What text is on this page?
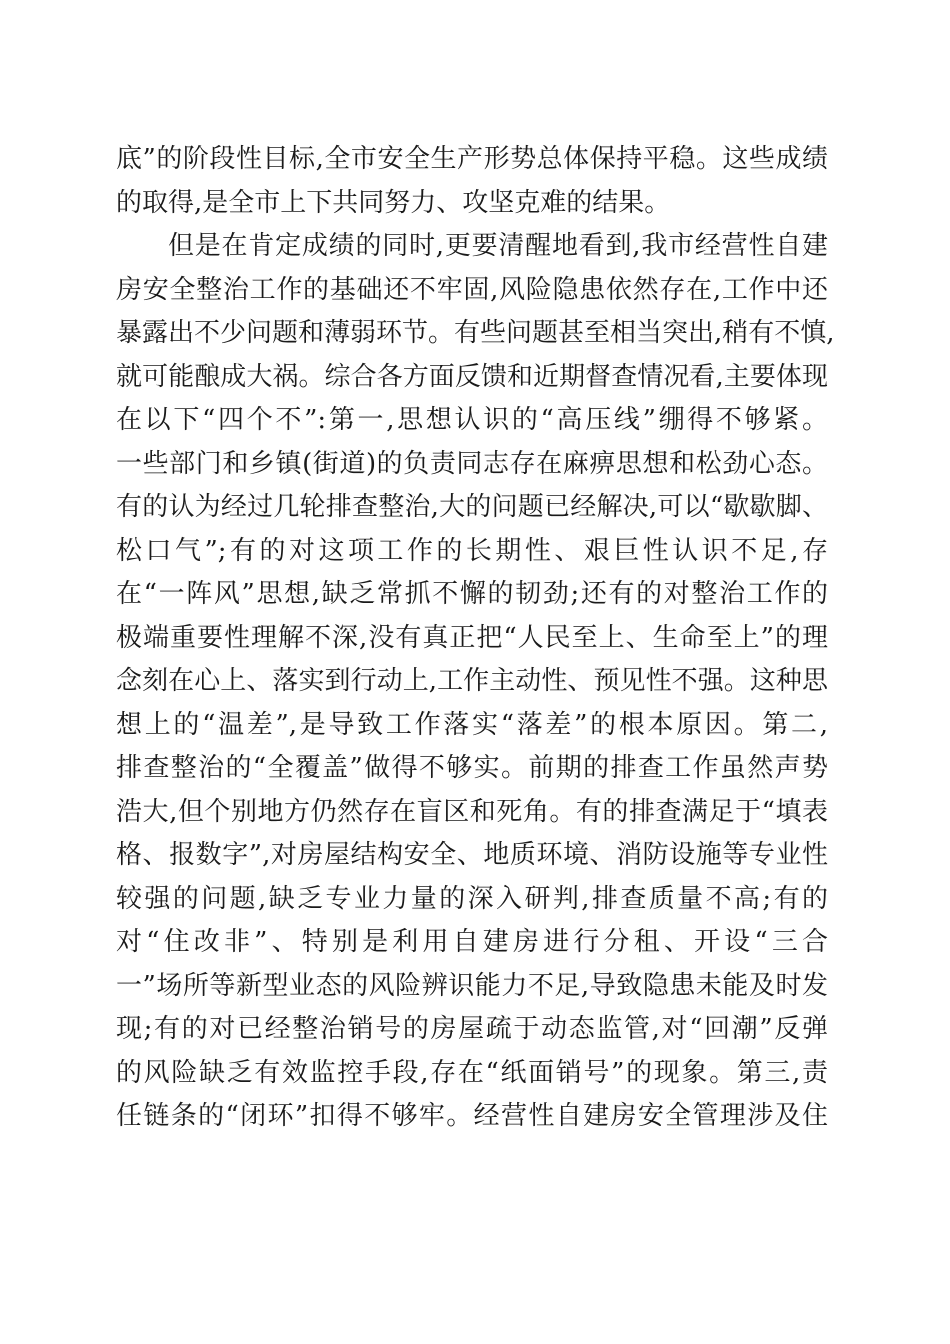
底”的阶段性目标,全市安全生产形势总体保持平稳。这些成绩
的取得,是全市上下共同努力、攻坚克难的结果。
但是在肯定成绩的同时,更要清醒地看到,我市经营性自建
房安全整治工作的基础还不牢固,风险隐患依然存在,工作中还
暴露出不少问题和薄弱环节。有些问题甚至相当突出,稍有不慎,
就可能酿成大祸。综合各方面反馈和近期督查情况看,主要体现
在以下“四个不”:第一,思想认识的“高压线”绷得不够紧。
一些部门和乡镇(街道)的负责同志存在麻痹思想和松劲心态。
有的认为经过几轮排查整治,大的问题已经解决,可以“歇歇脚、
松口气”;有的对这项工作的长期性、艰巨性认识不足,存
在“一阵风”思想,缺乏常抓不懈的韧劲;还有的对整治工作的
极端重要性理解不深,没有真正把“人民至上、生命至上”的理
念刻在心上、落实到行动上,工作主动性、预见性不强。这种思
想上的“温差”,是导致工作落实“落差”的根本原因。第二,
排查整治的“全覆盖”做得不够实。前期的排查工作虽然声势
浩大,但个别地方仍然存在盲区和死角。有的排查满足于“填表
格、报数字”,对房屋结构安全、地质环境、消防设施等专业性
较强的问题,缺乏专业力量的深入研判,排查质量不高;有的
对“住改非”、特别是利用自建房进行分租、开设“三合
一”场所等新型业态的风险辨识能力不足,导致隐患未能及时发
现;有的对已经整治销号的房屋疏于动态监管,对“回潮”反弹
的风险缺乏有效监控手段,存在“纸面销号”的现象。第三,责
任链条的“闭环”扣得不够牢。经营性自建房安全管理涉及住
